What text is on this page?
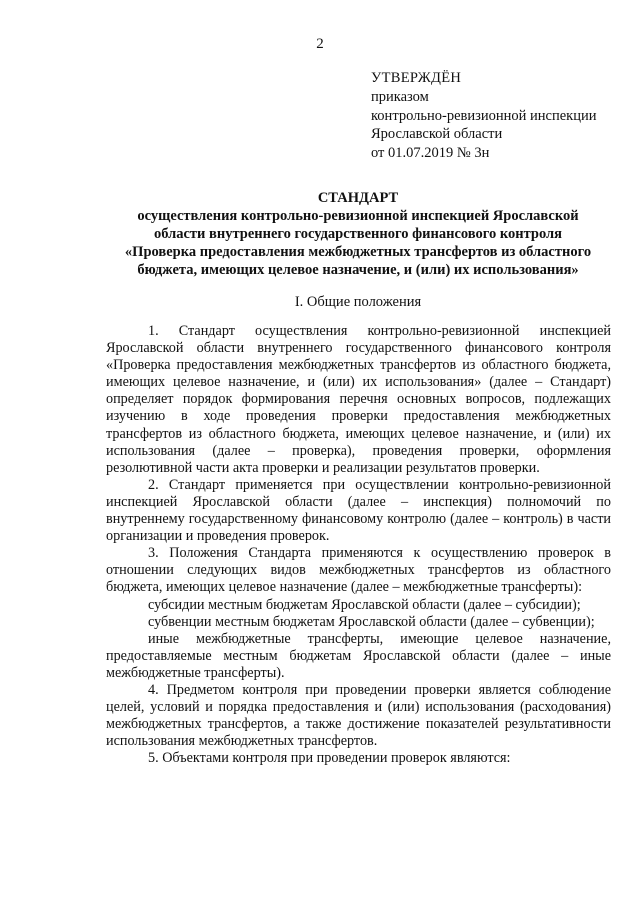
2
УТВЕРЖДЁН
приказом
контрольно-ревизионной инспекции
Ярославской области
от 01.07.2019 № 3н
СТАНДАРТ
осуществления контрольно-ревизионной инспекцией Ярославской
области внутреннего государственного финансового контроля
«Проверка предоставления межбюджетных трансфертов из областного
бюджета, имеющих целевое назначение, и (или) их использования»
I. Общие положения

1. Стандарт осуществления контрольно-ревизионной инспекцией Ярославской области внутреннего государственного финансового контроля «Проверка предоставления межбюджетных трансфертов из областного бюджета, имеющих целевое назначение, и (или) их использования» (далее – Стандарт) определяет порядок формирования перечня основных вопросов, подлежащих изучению в ходе проведения проверки предоставления межбюджетных трансфертов из областного бюджета, имеющих целевое назначение, и (или) их использования (далее – проверка), проведения проверки, оформления резолютивной части акта проверки и реализации результатов проверки.

2. Стандарт применяется при осуществлении контрольно-ревизионной инспекцией Ярославской области (далее – инспекция) полномочий по внутреннему государственному финансовому контролю (далее – контроль) в части организации и проведения проверок.

3. Положения Стандарта применяются к осуществлению проверок в отношении следующих видов межбюджетных трансфертов из областного бюджета, имеющих целевое назначение (далее – межбюджетные трансферты):

субсидии местным бюджетам Ярославской области (далее – субсидии);

субвенции местным бюджетам Ярославской области (далее – субвенции);

иные межбюджетные трансферты, имеющие целевое назначение, предоставляемые местным бюджетам Ярославской области (далее – иные межбюджетные трансферты).

4. Предметом контроля при проведении проверки является соблюдение целей, условий и порядка предоставления и (или) использования (расходования) межбюджетных трансфертов, а также достижение показателей результативности использования межбюджетных трансфертов.

5. Объектами контроля при проведении проверок являются:
